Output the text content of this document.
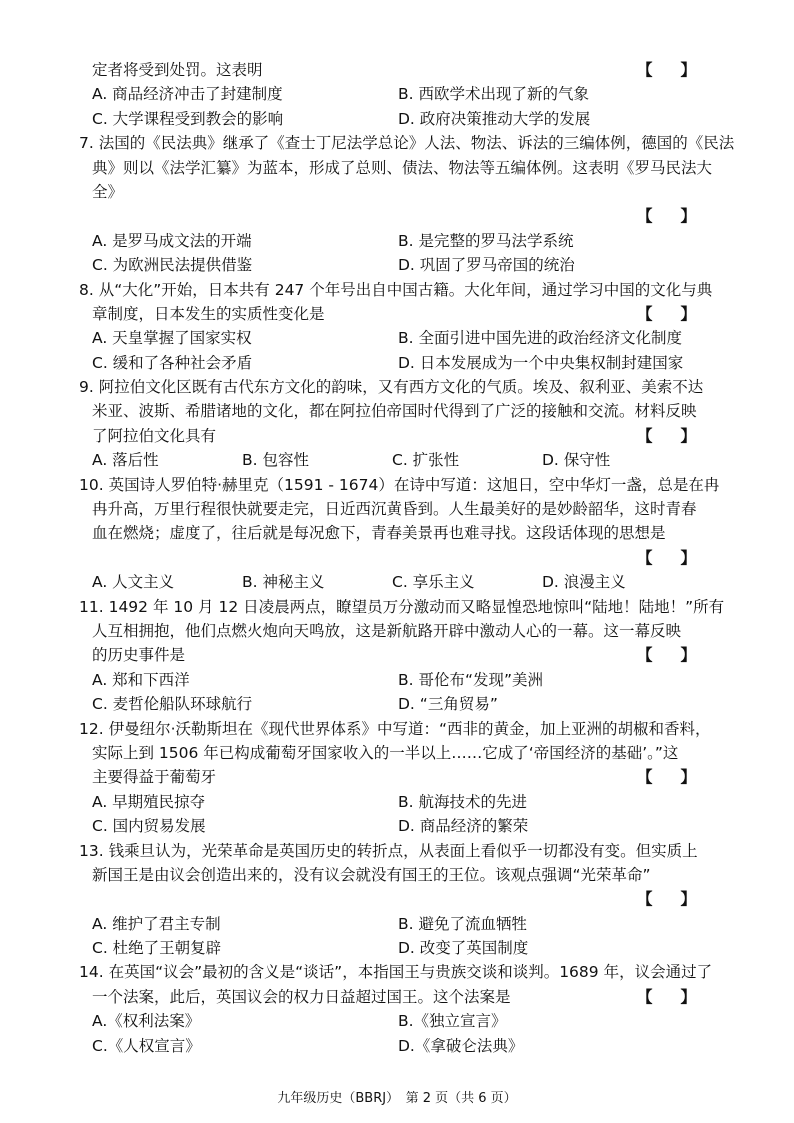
定者将受到处罚。这表明	【】
A. 商品经济冲击了封建制度	B. 西欧学术出现了新的气象
C. 大学课程受到教会的影响	D. 政府决策推动大学的发展
7. 法国的《民法典》继承了《查士丁尼法学总论》人法、物法、诉法的三编体例，德国的《民法
典》则以《法学汇纂》为蓝本，形成了总则、债法、物法等五编体例。这表明《罗马民法大
全》
【】
A. 是罗马成文法的开端	B. 是完整的罗马法学系统
C. 为欧洲民法提供借鉴	D. 巩固了罗马帝国的统治
8. 从“大化”开始，日本共有 247 个年号出自中国古籍。大化年间，通过学习中国的文化与典
章制度，日本发生的实质性变化是	【】
A. 天皇掌握了国家实权	B. 全面引进中国先进的政治经济文化制度
C. 缓和了各种社会矛盾	D. 日本发展成为一个中央集权制封建国家
9. 阿拉伯文化区既有古代东方文化的韵味，又有西方文化的气质。埃及、叙利亚、美索不达
米亚、波斯、希腊诸地的文化，都在阿拉伯帝国时代得到了广泛的接触和交流。材料反映
了阿拉伯文化具有	【】
A. 落后性	B. 包容性	C. 扩张性	D. 保守性
10. 英国诗人罗伯特·赫里克（1591 - 1674）在诗中写道：这旭日，空中华灯一盏，总是在冉
冉升高，万里行程很快就要走完，日近西沉黄昏到。人生最美好的是妙龄韶华，这时青春
血在燃烧；虚度了，往后就是每况愈下，青春美景再也难寻找。这段话体现的思想是
【】
A. 人文主义	B. 神秘主义	C. 享乐主义	D. 浪漫主义
11. 1492 年 10 月 12 日凌晨两点，瞭望员万分激动而又略显惶恐地惊叫“陆地！陆地！”所有
人互相拥抱，他们点燃火炮向天鸣放，这是新航路开辟中激动人心的一幕。这一幕反映
的历史事件是	【】
A. 郑和下西洋	B. 哥伦布“发现”美洲
C. 麦哲伦船队环球航行	D. “三角贸易”
12. 伊曼纽尔·沃勒斯坦在《现代世界体系》中写道：“西非的黄金，加上亚洲的胡椒和香料，
实际上到 1506 年已构成葡萄牙国家收入的一半以上……它成了‘帝国经济的基础’。”这
主要得益于葡萄牙	【】
A. 早期殖民掠夺	B. 航海技术的先进
C. 国内贸易发展	D. 商品经济的繁荣
13. 钱乘旦认为，光荣革命是英国历史的转折点，从表面上看似乎一切都没有变。但实质上
新国王是由议会创造出来的，没有议会就没有国王的王位。该观点强调“光荣革命”
【】
A. 维护了君主专制	B. 避免了流血牺牲
C. 杜绝了王朝复辟	D. 改变了英国制度
14. 在英国“议会”最初的含义是“谈话”，本指国王与贵族交谈和谈判。1689 年，议会通过了
一个法案，此后，英国议会的权力日益超过国王。这个法案是	【】
A.《权利法案》	B.《独立宣言》
C.《人权宣言》	D.《拿破仑法典》
九年级历史（BBRJ）　第 2 页（共 6 页）
